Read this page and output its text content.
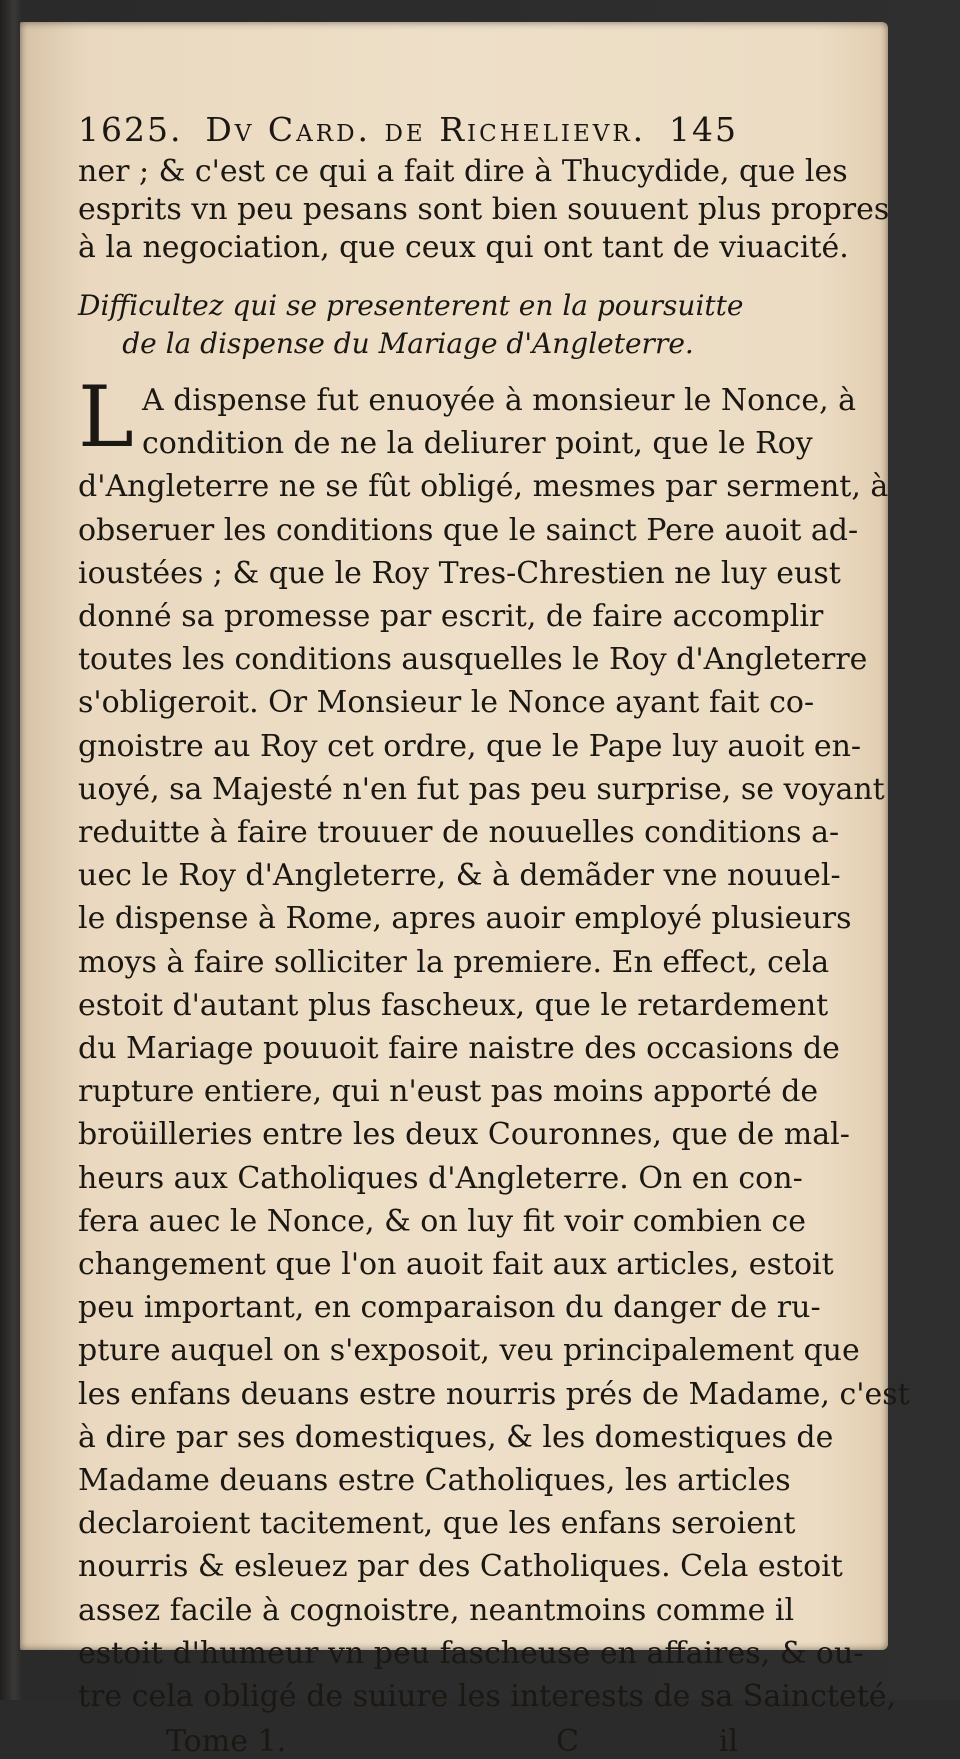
1625. Dv Card. de Richelievr. 145
ner ; & c'est ce qui a fait dire à Thucydide, que les
esprits vn peu pesans sont bien souuent plus propres
à la negociation, que ceux qui ont tant de viuacité.
Difficultez qui se presenterent en la poursuitte
de la dispense du Mariage d'Angleterre.
L A dispense fut enuoyée à monsieur le Nonce, à
condition de ne la deliurer point, que le Roy
d'Angleterre ne se fût obligé, mesmes par serment, à
obseruer les conditions que le sainct Pere auoit ad-
ioustées ; & que le Roy Tres-Chrestien ne luy eust
donné sa promesse par escrit, de faire accomplir
toutes les conditions ausquelles le Roy d'Angleterre
s'obligeroit. Or Monsieur le Nonce ayant fait co-
gnoistre au Roy cet ordre, que le Pape luy auoit en-
uoyé, sa Majesté n'en fut pas peu surprise, se voyant
reduitte à faire trouuer de nouuelles conditions a-
uec le Roy d'Angleterre, & à demãder vne nouuel-
le dispense à Rome, apres auoir employé plusieurs
moys à faire solliciter la premiere. En effect, cela
estoit d'autant plus fascheux, que le retardement
du Mariage pouuoit faire naistre des occasions de
rupture entiere, qui n'eust pas moins apporté de
broüilleries entre les deux Couronnes, que de mal-
heurs aux Catholiques d'Angleterre. On en con-
fera auec le Nonce, & on luy fit voir combien ce
changement que l'on auoit fait aux articles, estoit
peu important, en comparaison du danger de ru-
pture auquel on s'exposoit, veu principalement que
les enfans deuans estre nourris prés de Madame, c'est
à dire par ses domestiques, & les domestiques de
Madame deuans estre Catholiques, les articles
declaroient tacitement, que les enfans seroient
nourris & esleuez par des Catholiques. Cela estoit
assez facile à cognoistre, neantmoins comme il
estoit d'humeur vn peu fascheuse en affaires, & ou-
tre cela obligé de suiure les interests de sa Saincteté,
Tome 1.	C	il
